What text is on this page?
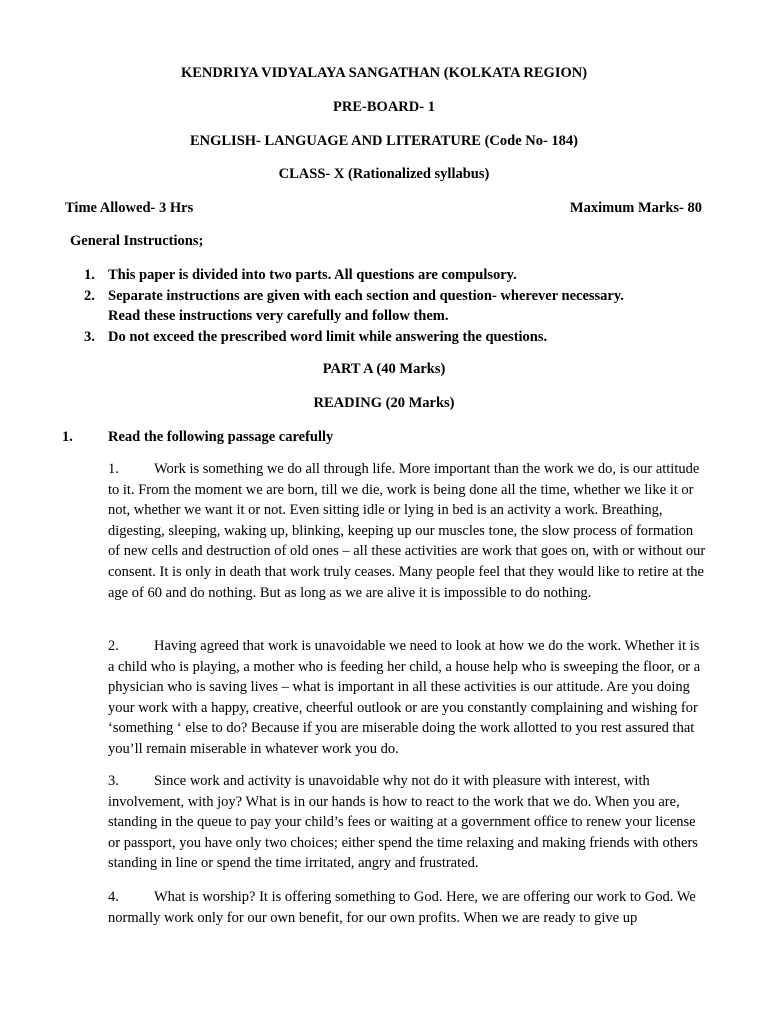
KENDRIYA VIDYALAYA SANGATHAN (KOLKATA REGION)
PRE-BOARD- 1
ENGLISH- LANGUAGE AND LITERATURE (Code No- 184)
CLASS- X (Rationalized syllabus)
Time Allowed- 3 Hrs	Maximum Marks- 80
General Instructions;
1. This paper is divided into two parts. All questions are compulsory.
2. Separate instructions are given with each section and question- wherever necessary.
Read these instructions very carefully and follow them.
3. Do not exceed the prescribed word limit while answering the questions.
PART A (40 Marks)
READING (20 Marks)
1. Read the following passage carefully
1. Work is something we do all through life. More important than the work we do, is our attitude to it. From the moment we are born, till we die, work is being done all the time, whether we like it or not, whether we want it or not. Even sitting idle or lying in bed is an activity a work. Breathing, digesting, sleeping, waking up, blinking, keeping up our muscles tone, the slow process of formation of new cells and destruction of old ones – all these activities are work that goes on, with or without our consent. It is only in death that work truly ceases. Many people feel that they would like to retire at the age of 60 and do nothing. But as long as we are alive it is impossible to do nothing.
2. Having agreed that work is unavoidable we need to look at how we do the work. Whether it is a child who is playing, a mother who is feeding her child, a house help who is sweeping the floor, or a physician who is saving lives – what is important in all these activities is our attitude. Are you doing your work with a happy, creative, cheerful outlook or are you constantly complaining and wishing for ‘something ‘ else to do? Because if you are miserable doing the work allotted to you rest assured that you’ll remain miserable in whatever work you do.
3. Since work and activity is unavoidable why not do it with pleasure with interest, with involvement, with joy? What is in our hands is how to react to the work that we do. When you are, standing in the queue to pay your child’s fees or waiting at a government office to renew your license or passport, you have only two choices; either spend the time relaxing and making friends with others standing in line or spend the time irritated, angry and frustrated.
4. What is worship? It is offering something to God. Here, we are offering our work to God. We normally work only for our own benefit, for our own profits. When we are ready to give up
